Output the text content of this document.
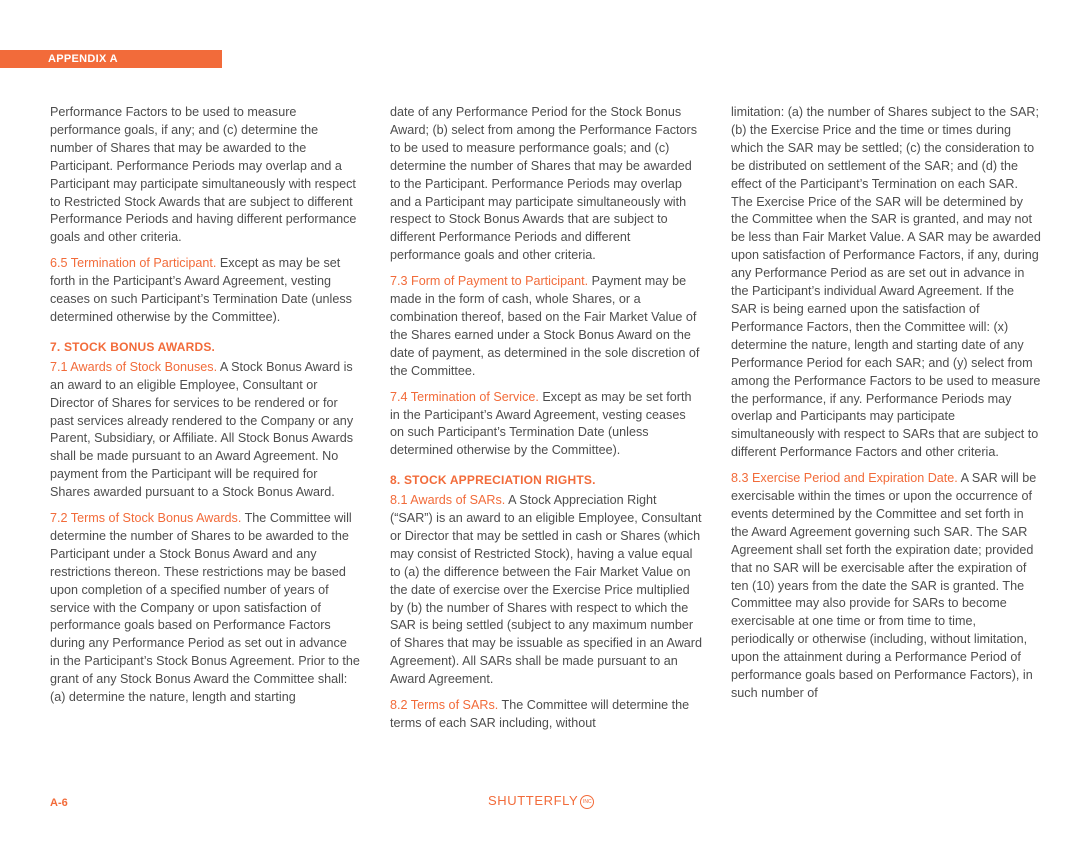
APPENDIX A

Performance Factors to be used to measure performance goals, if any; and (c) determine the number of Shares that may be awarded to the Participant. Performance Periods may overlap and a Participant may participate simultaneously with respect to Restricted Stock Awards that are subject to different Performance Periods and having different performance goals and other criteria.

6.5 Termination of Participant. Except as may be set forth in the Participant’s Award Agreement, vesting ceases on such Participant’s Termination Date (unless determined otherwise by the Committee).

7. STOCK BONUS AWARDS.

7.1 Awards of Stock Bonuses. A Stock Bonus Award is an award to an eligible Employee, Consultant or Director of Shares for services to be rendered or for past services already rendered to the Company or any Parent, Subsidiary, or Affiliate. All Stock Bonus Awards shall be made pursuant to an Award Agreement. No payment from the Participant will be required for Shares awarded pursuant to a Stock Bonus Award.

7.2 Terms of Stock Bonus Awards. The Committee will determine the number of Shares to be awarded to the Participant under a Stock Bonus Award and any restrictions thereon. These restrictions may be based upon completion of a specified number of years of service with the Company or upon satisfaction of performance goals based on Performance Factors during any Performance Period as set out in advance in the Participant’s Stock Bonus Agreement. Prior to the grant of any Stock Bonus Award the Committee shall: (a) determine the nature, length and starting

date of any Performance Period for the Stock Bonus Award; (b) select from among the Performance Factors to be used to measure performance goals; and (c) determine the number of Shares that may be awarded to the Participant. Performance Periods may overlap and a Participant may participate simultaneously with respect to Stock Bonus Awards that are subject to different Performance Periods and different performance goals and other criteria.

7.3 Form of Payment to Participant. Payment may be made in the form of cash, whole Shares, or a combination thereof, based on the Fair Market Value of the Shares earned under a Stock Bonus Award on the date of payment, as determined in the sole discretion of the Committee.

7.4 Termination of Service. Except as may be set forth in the Participant’s Award Agreement, vesting ceases on such Participant’s Termination Date (unless determined otherwise by the Committee).

8. STOCK APPRECIATION RIGHTS.

8.1 Awards of SARs. A Stock Appreciation Right (“SAR”) is an award to an eligible Employee, Consultant or Director that may be settled in cash or Shares (which may consist of Restricted Stock), having a value equal to (a) the difference between the Fair Market Value on the date of exercise over the Exercise Price multiplied by (b) the number of Shares with respect to which the SAR is being settled (subject to any maximum number of Shares that may be issuable as specified in an Award Agreement). All SARs shall be made pursuant to an Award Agreement.

8.2 Terms of SARs. The Committee will determine the terms of each SAR including, without

limitation: (a) the number of Shares subject to the SAR; (b) the Exercise Price and the time or times during which the SAR may be settled; (c) the consideration to be distributed on settlement of the SAR; and (d) the effect of the Participant’s Termination on each SAR. The Exercise Price of the SAR will be determined by the Committee when the SAR is granted, and may not be less than Fair Market Value. A SAR may be awarded upon satisfaction of Performance Factors, if any, during any Performance Period as are set out in advance in the Participant’s individual Award Agreement. If the SAR is being earned upon the satisfaction of Performance Factors, then the Committee will: (x) determine the nature, length and starting date of any Performance Period for each SAR; and (y) select from among the Performance Factors to be used to measure the performance, if any. Performance Periods may overlap and Participants may participate simultaneously with respect to SARs that are subject to different Performance Factors and other criteria.

8.3 Exercise Period and Expiration Date. A SAR will be exercisable within the times or upon the occurrence of events determined by the Committee and set forth in the Award Agreement governing such SAR. The SAR Agreement shall set forth the expiration date; provided that no SAR will be exercisable after the expiration of ten (10) years from the date the SAR is granted. The Committee may also provide for SARs to become exercisable at one time or from time to time, periodically or otherwise (including, without limitation, upon the attainment during a Performance Period of performance goals based on Performance Factors), in such number of

A-6	SHUTTERFLY INC
